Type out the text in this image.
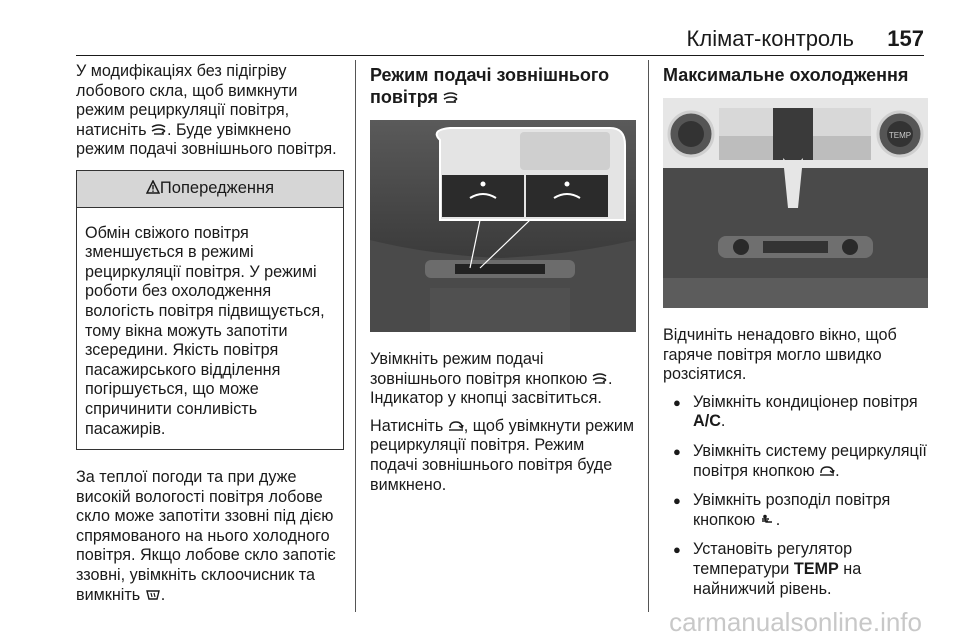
Клімат-контроль 157

У модифікаціях без підігріву лобового скла, щоб вимкнути режим рециркуляції повітря, натисніть . Буде увімкнено режим подачі зовнішнього повітря.

Попередження
Обмін свіжого повітря зменшується в режимі рециркуляції повітря. У режимі роботи без охолодження вологість повітря підвищується, тому вікна можуть запотіти зсередини. Якість повітря пасажирського відділення погіршується, що може спричинити сонливість пасажирів.

За теплої погоди та при дуже високій вологості повітря лобове скло може запотіти ззовні під дією спрямованого на нього холодного повітря. Якщо лобове скло запотіє ззовні, увімкніть склоочисник та вимкніть .

Режим подачі зовнішнього повітря

Увімкніть режим подачі зовнішнього повітря кнопкою . Індикатор у кнопці засвітиться.

Натисніть , щоб увімкнути режим рециркуляції повітря. Режим подачі зовнішнього повітря буде вимкнено.

Максимальне охолодження
TEMP

Відчиніть ненадовго вікно, щоб гаряче повітря могло швидко розсіятися.

● Увімкніть кондиціонер повітря A/C.
● Увімкніть систему рециркуляції повітря кнопкою .
● Увімкніть розподіл повітря кнопкою .
● Установіть регулятор температури TEMP на найнижчий рівень.
carmanualsonline.info
